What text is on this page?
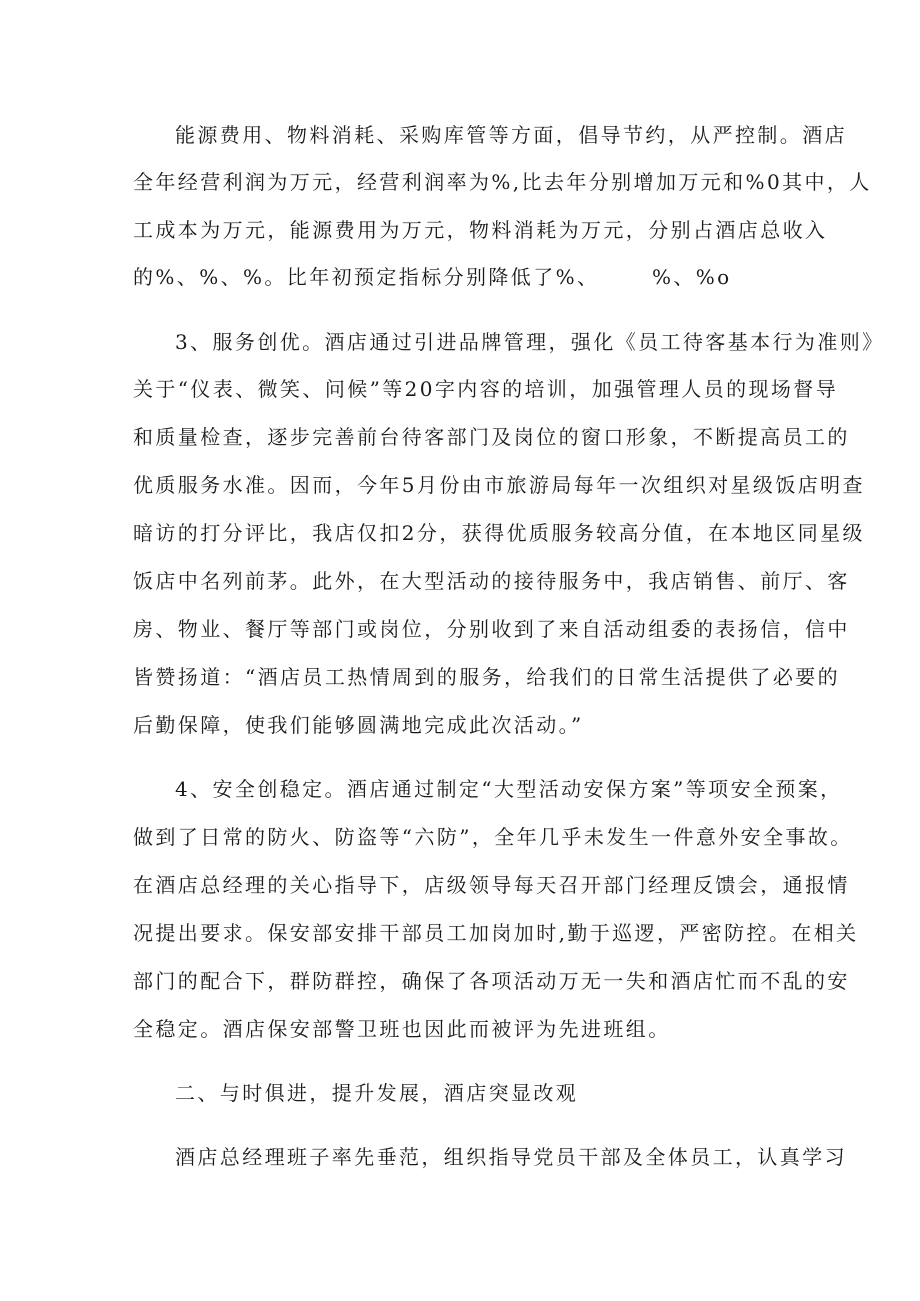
能源费用、物料消耗、采购库管等方面，倡导节约，从严控制。酒店
全年经营利润为万元，经营利润率为%,比去年分别增加万元和%0其中，人
工成本为万元，能源费用为万元，物料消耗为万元，分别占酒店总收入
的%、%、%。比年初预定指标分别降低了%、      %、%o
3、服务创优。酒店通过引进品牌管理，强化《员工待客基本行为准则》
关于“仪表、微笑、问候”等20字内容的培训，加强管理人员的现场督导
和质量检查，逐步完善前台待客部门及岗位的窗口形象，不断提高员工的
优质服务水准。因而，今年5月份由市旅游局每年一次组织对星级饭店明查
暗访的打分评比，我店仅扣2分，获得优质服务较高分值，在本地区同星级
饭店中名列前茅。此外，在大型活动的接待服务中，我店销售、前厅、客
房、物业、餐厅等部门或岗位，分别收到了来自活动组委的表扬信，信中
皆赞扬道：“酒店员工热情周到的服务，给我们的日常生活提供了必要的
后勤保障，使我们能够圆满地完成此次活动。”
4、安全创稳定。酒店通过制定“大型活动安保方案”等项安全预案，
做到了日常的防火、防盗等“六防”，全年几乎未发生一件意外安全事故。
在酒店总经理的关心指导下，店级领导每天召开部门经理反馈会，通报情
况提出要求。保安部安排干部员工加岗加时,勤于巡逻，严密防控。在相关
部门的配合下，群防群控，确保了各项活动万无一失和酒店忙而不乱的安
全稳定。酒店保安部警卫班也因此而被评为先进班组。
二、与时俱进，提升发展，酒店突显改观
酒店总经理班子率先垂范，组织指导党员干部及全体员工，认真学习
